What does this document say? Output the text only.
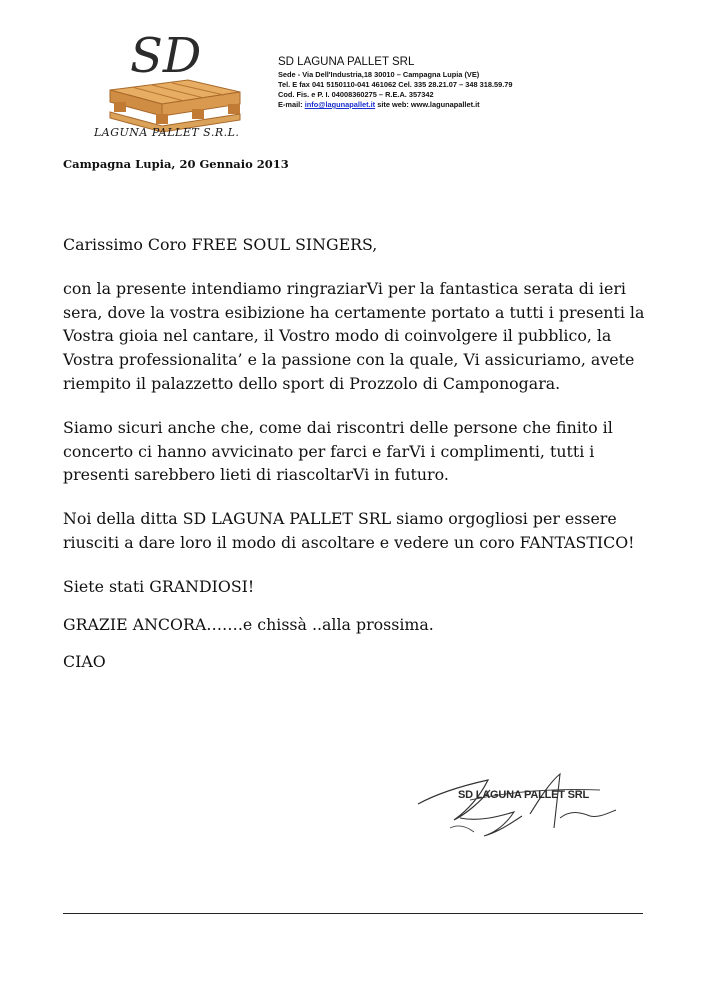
SD
LAGUNA PALLET S.R.L.
SD LAGUNA PALLET SRL
Sede - Via Dell'Industria,18 30010 – Campagna Lupia (VE)
Tel. E fax 041 5150110-041 461062 Cel. 335 28.21.07 – 348 318.59.79
Cod. Fis. e P. I. 04008360275 – R.E.A. 357342
E-mail: info@lagunapallet.it site web: www.lagunapallet.it
Campagna Lupia, 20 Gennaio 2013

Carissimo Coro FREE SOUL SINGERS,

con la presente intendiamo ringraziarVi per la fantastica serata di ieri sera, dove la vostra esibizione ha certamente portato a tutti i presenti la Vostra gioia nel cantare, il Vostro modo di coinvolgere il pubblico, la Vostra professionalita’ e la passione con la quale, Vi assicuriamo, avete riempito il palazzetto dello sport di Prozzolo di Camponogara.

Siamo sicuri anche che, come dai riscontri delle persone che finito il concerto ci hanno avvicinato per farci e farVi i complimenti, tutti i presenti sarebbero lieti di riascoltarVi in futuro.

Noi della ditta SD LAGUNA PALLET SRL siamo orgogliosi per essere riusciti a dare loro il modo di ascoltare e vedere un coro FANTASTICO!

Siete stati GRANDIOSI!

GRAZIE ANCORA…….e chissà ..alla prossima.

CIAO

SD LAGUNA PALLET SRL
